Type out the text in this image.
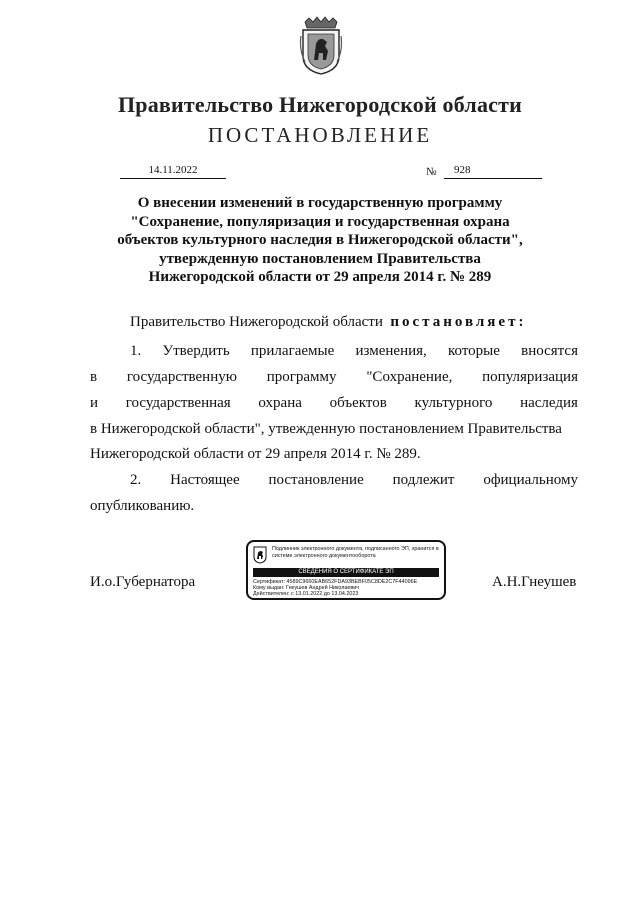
Правительство Нижегородской области
ПОСТАНОВЛЕНИЕ
14.11.2022	№	928
О внесении изменений в государственную программу
"Сохранение, популяризация и государственная охрана
объектов культурного наследия в Нижегородской области",
утвержденную постановлением Правительства
Нижегородской области от 29 апреля 2014 г. № 289
Правительство Нижегородской области постановляет:
1. Утвердить прилагаемые изменения, которые вносятся
в государственную программу "Сохранение, популяризация
и государственная охрана объектов культурного наследия
в Нижегородской области", утвежденную постановлением Правительства
Нижегородской области от 29 апреля 2014 г. № 289.
2. Настоящее постановление подлежит официальному
опубликованию.
И.о.Губернатора	А.Н.Гнеушев
Подлинник электронного документа, подписанного ЭП, хранится в системе электронного документооборота
СВЕДЕНИЯ О СЕРТИФИКАТЕ ЭП
Сертификат: 4589C9660EAB652FDA93BEBF05C8DE2C7F44096E
Кому выдан: Гнеушев Андрей Николаевич
Действителен: с 13.01.2022 до 13.04.2023
